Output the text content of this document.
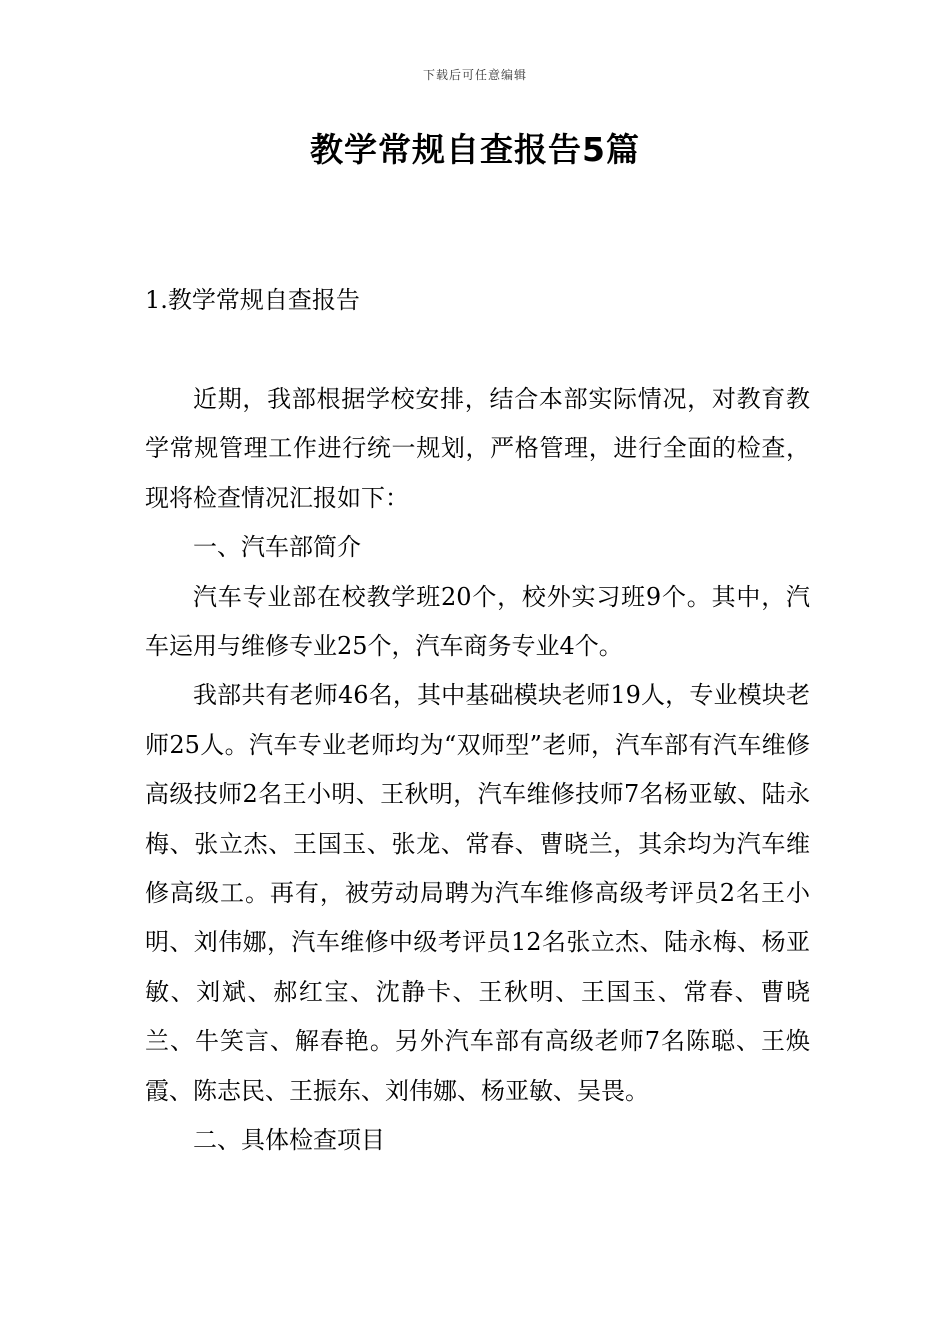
下载后可任意编辑
教学常规自查报告5篇
1.教学常规自查报告

近期，我部根据学校安排，结合本部实际情况，对教育教学常规管理工作进行统一规划，严格管理，进行全面的检查，现将检查情况汇报如下：

一、汽车部简介

汽车专业部在校教学班20个，校外实习班9个。其中，汽车运用与维修专业25个，汽车商务专业4个。

我部共有老师46名，其中基础模块老师19人，专业模块老师25人。汽车专业老师均为“双师型”老师，汽车部有汽车维修高级技师2名王小明、王秋明，汽车维修技师7名杨亚敏、陆永梅、张立杰、王国玉、张龙、常春、曹晓兰，其余均为汽车维修高级工。再有，被劳动局聘为汽车维修高级考评员2名王小明、刘伟娜，汽车维修中级考评员12名张立杰、陆永梅、杨亚敏、刘斌、郝红宝、沈静卡、王秋明、王国玉、常春、曹晓兰、牛笑言、解春艳。另外汽车部有高级老师7名陈聪、王焕霞、陈志民、王振东、刘伟娜、杨亚敏、吴畏。

二、具体检查项目
